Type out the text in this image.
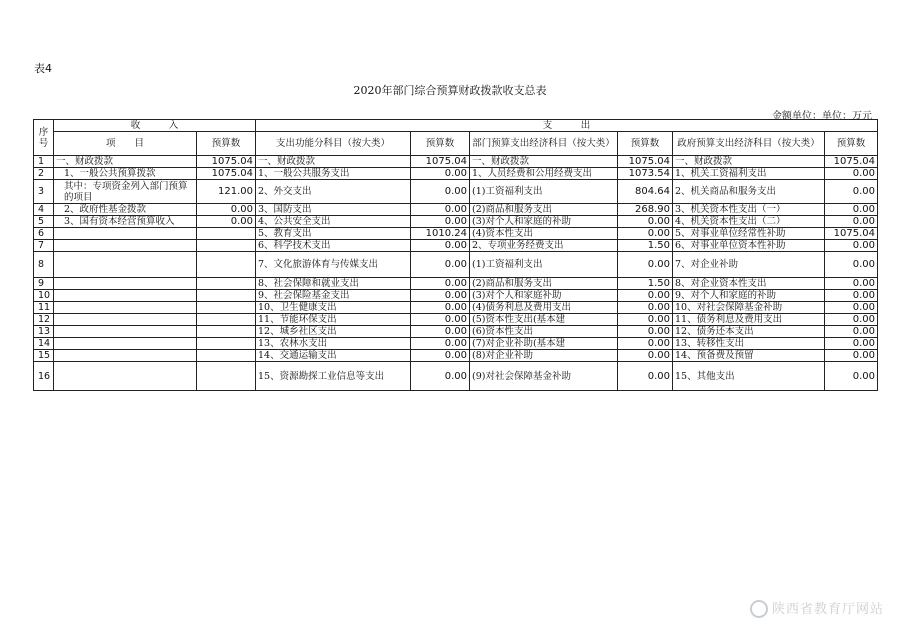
表4
2020年部门综合预算财政拨款收支总表
金额单位：单位：万元
序号	收　　　入		支　　　出					
	项　　目	预算数	支出功能分科目（按大类）	预算数	部门预算支出经济科目（按大类）	预算数	政府预算支出经济科目（按大类）	预算数
1	一、财政拨款	1075.04	一、财政拨款	1075.04	一、财政拨款	1075.04	一、财政拨款	1075.04
2	1、一般公共预算拨款	1075.04	1、一般公共服务支出	0.00	1、人员经费和公用经费支出	1073.54	1、机关工资福利支出	0.00
3	其中：专项资金列入部门预算的项目	121.00	2、外交支出	0.00	(1)工资福利支出	804.64	2、机关商品和服务支出	0.00
4	2、政府性基金拨款	0.00	3、国防支出	0.00	(2)商品和服务支出	268.90	3、机关资本性支出（一）	0.00
5	3、国有资本经营预算收入	0.00	4、公共安全支出	0.00	(3)对个人和家庭的补助	0.00	4、机关资本性支出（二）	0.00
6			5、教育支出	1010.24	(4)资本性支出	0.00	5、对事业单位经常性补助	1075.04
7			6、科学技术支出	0.00	2、专项业务经费支出	1.50	6、对事业单位资本性补助	0.00
8			7、文化旅游体育与传媒支出	0.00	(1)工资福利支出	0.00	7、对企业补助	0.00
9			8、社会保障和就业支出	0.00	(2)商品和服务支出	1.50	8、对企业资本性支出	0.00
10			9、社会保险基金支出	0.00	(3)对个人和家庭补助	0.00	9、对个人和家庭的补助	0.00
11			10、卫生健康支出	0.00	(4)债务利息及费用支出	0.00	10、对社会保障基金补助	0.00
12			11、节能环保支出	0.00	(5)资本性支出(基本建	0.00	11、债务利息及费用支出	0.00
13			12、城乡社区支出	0.00	(6)资本性支出	0.00	12、债务还本支出	0.00
14			13、农林水支出	0.00	(7)对企业补助(基本建	0.00	13、转移性支出	0.00
15			14、交通运输支出	0.00	(8)对企业补助	0.00	14、预备费及预留	0.00
16			15、资源勘探工业信息等支出	0.00	(9)对社会保障基金补助	0.00	15、其他支出	0.00
陕西省教育厅网站
